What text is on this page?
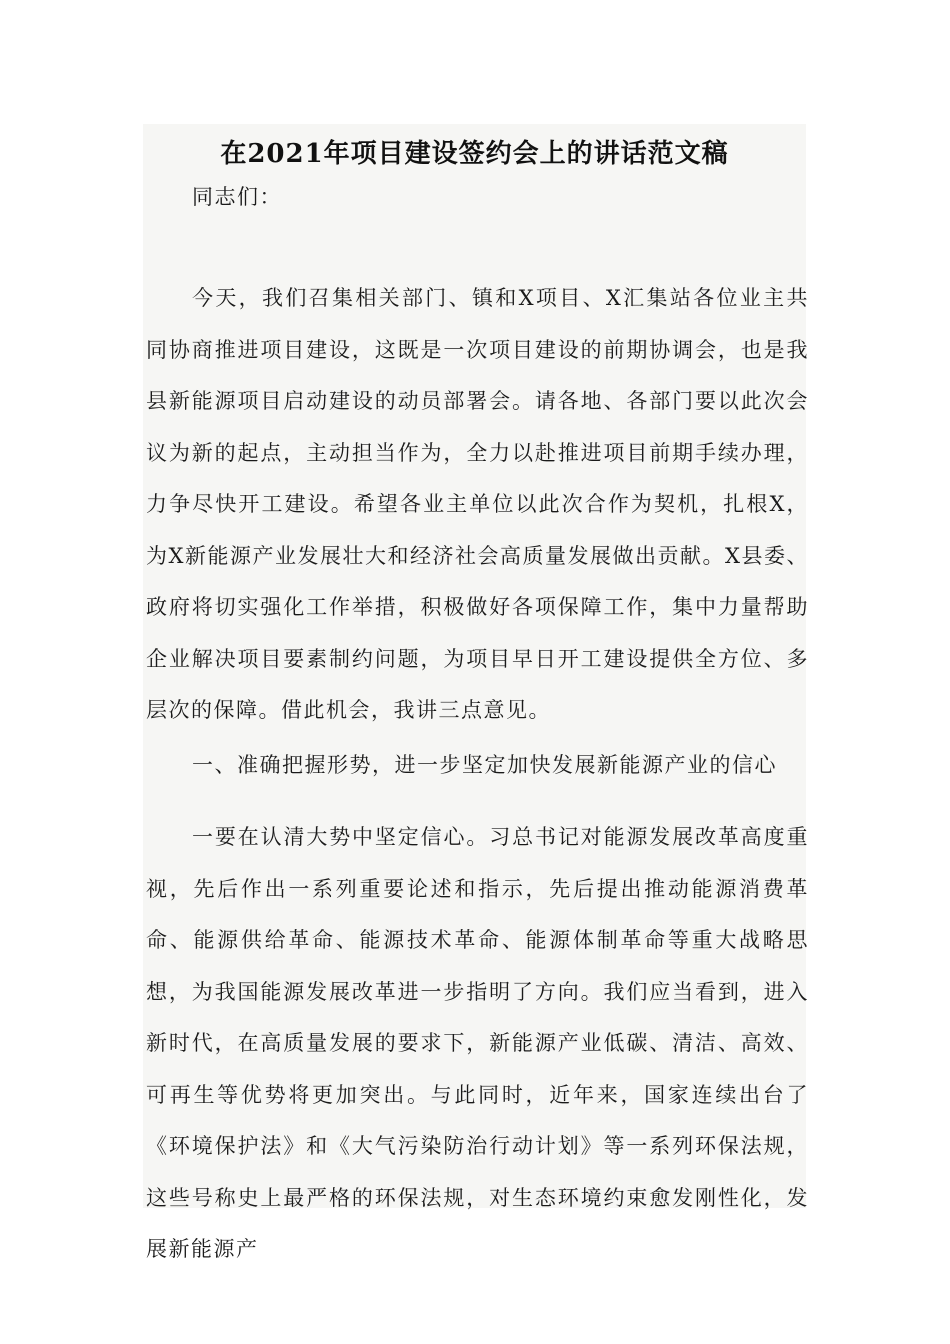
在2021年项目建设签约会上的讲话范文稿

同志们：

今天，我们召集相关部门、镇和X项目、X汇集站各位业主共同协商推进项目建设，这既是一次项目建设的前期协调会，也是我县新能源项目启动建设的动员部署会。请各地、各部门要以此次会议为新的起点，主动担当作为，全力以赴推进项目前期手续办理，力争尽快开工建设。希望各业主单位以此次合作为契机，扎根X，为X新能源产业发展壮大和经济社会高质量发展做出贡献。X县委、政府将切实强化工作举措，积极做好各项保障工作，集中力量帮助企业解决项目要素制约问题，为项目早日开工建设提供全方位、多层次的保障。借此机会，我讲三点意见。

一、准确把握形势，进一步坚定加快发展新能源产业的信心

一要在认清大势中坚定信心。习总书记对能源发展改革高度重视，先后作出一系列重要论述和指示，先后提出推动能源消费革命、能源供给革命、能源技术革命、能源体制革命等重大战略思想，为我国能源发展改革进一步指明了方向。我们应当看到，进入新时代，在高质量发展的要求下，新能源产业低碳、清洁、高效、可再生等优势将更加突出。与此同时，近年来，国家连续出台了《环境保护法》和《大气污染防治行动计划》等一系列环保法规，这些号称史上最严格的环保法规，对生态环境约束愈发刚性化，发展新能源产
